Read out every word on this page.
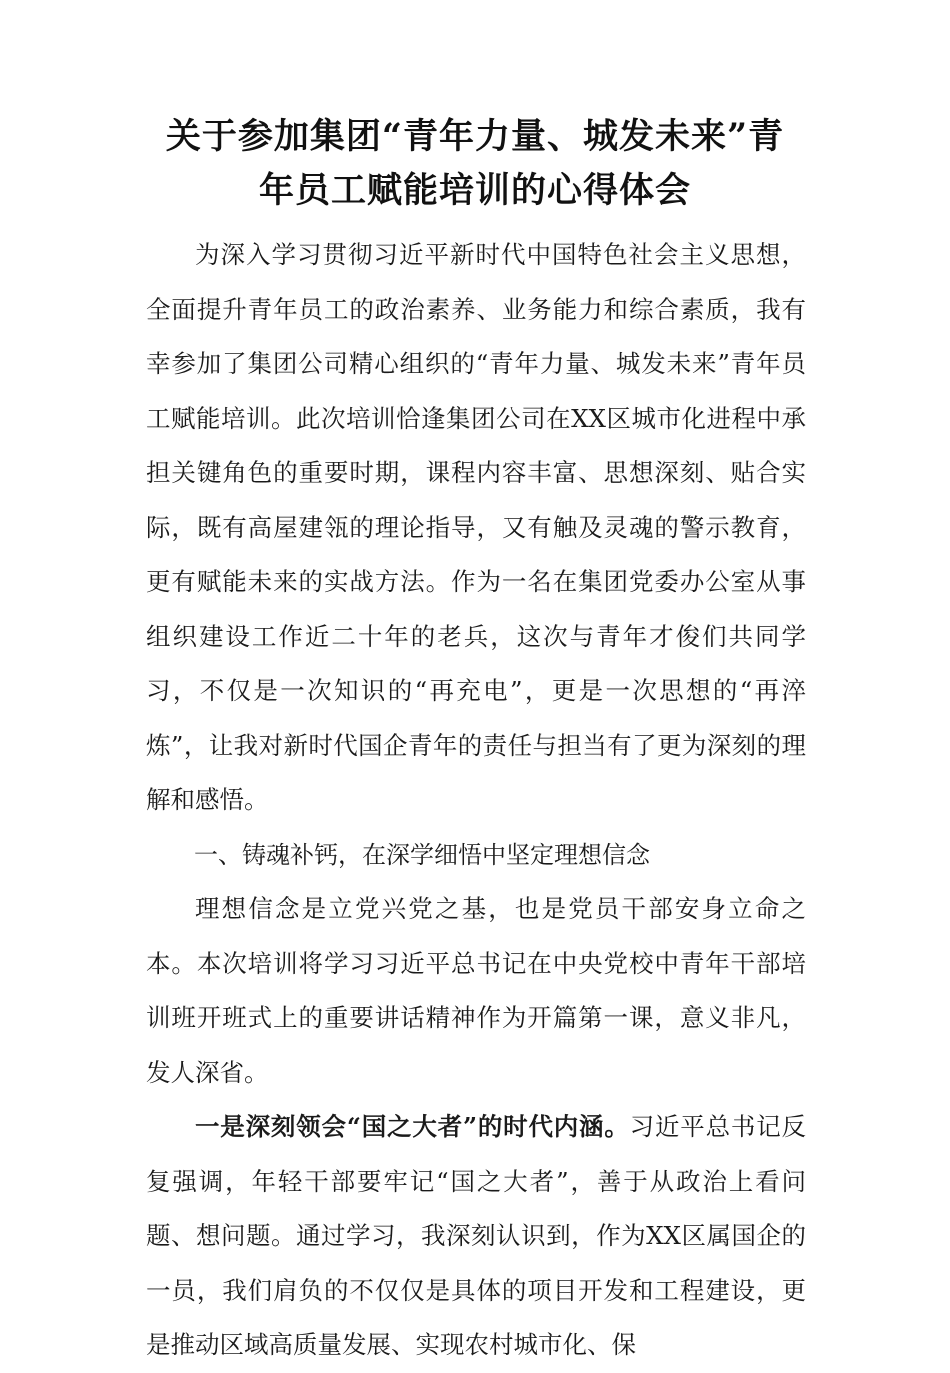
关于参加集团“青年力量、城发未来”青
年员工赋能培训的心得体会

为深入学习贯彻习近平新时代中国特色社会主义思想，全面提升青年员工的政治素养、业务能力和综合素质，我有幸参加了集团公司精心组织的“青年力量、城发未来”青年员工赋能培训。此次培训恰逢集团公司在XX区城市化进程中承担关键角色的重要时期，课程内容丰富、思想深刻、贴合实际，既有高屋建瓴的理论指导，又有触及灵魂的警示教育，更有赋能未来的实战方法。作为一名在集团党委办公室从事组织建设工作近二十年的老兵，这次与青年才俊们共同学习，不仅是一次知识的“再充电”，更是一次思想的“再淬炼”，让我对新时代国企青年的责任与担当有了更为深刻的理解和感悟。

一、铸魂补钙，在深学细悟中坚定理想信念

理想信念是立党兴党之基，也是党员干部安身立命之本。本次培训将学习习近平总书记在中央党校中青年干部培训班开班式上的重要讲话精神作为开篇第一课，意义非凡，发人深省。

一是深刻领会“国之大者”的时代内涵。习近平总书记反复强调，年轻干部要牢记“国之大者”，善于从政治上看问题、想问题。通过学习，我深刻认识到，作为XX区属国企的一员，我们肩负的不仅仅是具体的项目开发和工程建设，更是推动区域高质量发展、实现农村城市化、保
